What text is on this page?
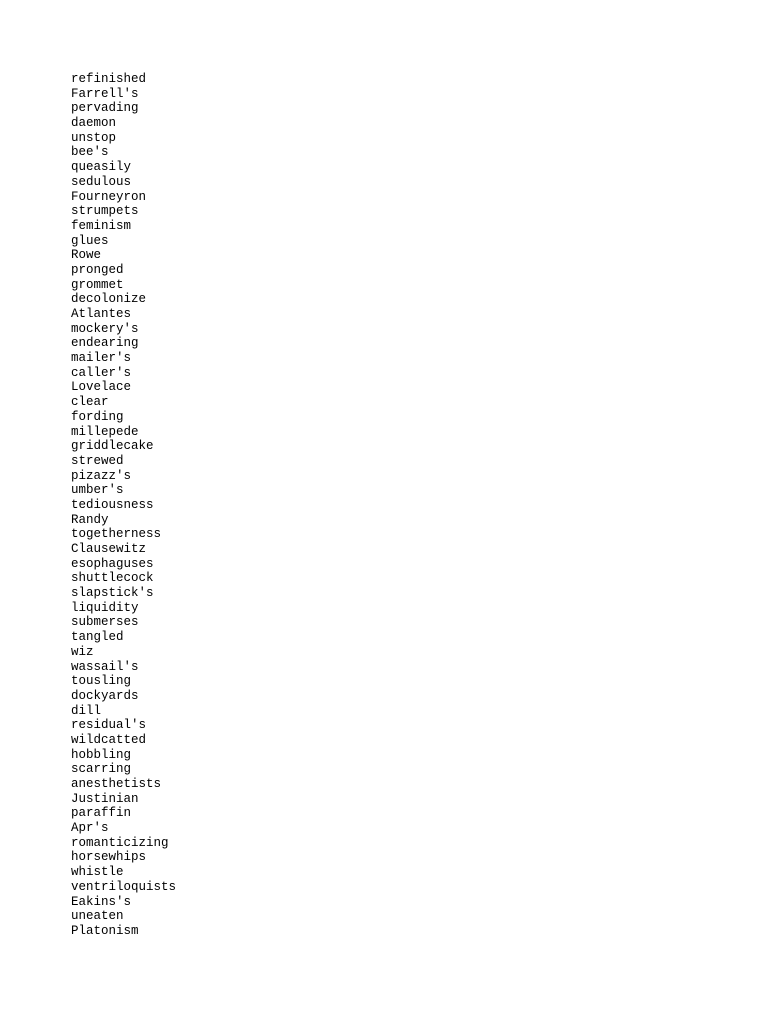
refinished
Farrell's
pervading
daemon
unstop
bee's
queasily
sedulous
Fourneyron
strumpets
feminism
glues
Rowe
pronged
grommet
decolonize
Atlantes
mockery's
endearing
mailer's
caller's
Lovelace
clear
fording
millepede
griddlecake
strewed
pizazz's
umber's
tediousness
Randy
togetherness
Clausewitz
esophaguses
shuttlecock
slapstick's
liquidity
submerses
tangled
wiz
wassail's
tousling
dockyards
dill
residual's
wildcatted
hobbling
scarring
anesthetists
Justinian
paraffin
Apr's
romanticizing
horsewhips
whistle
ventriloquists
Eakins's
uneaten
Platonism
